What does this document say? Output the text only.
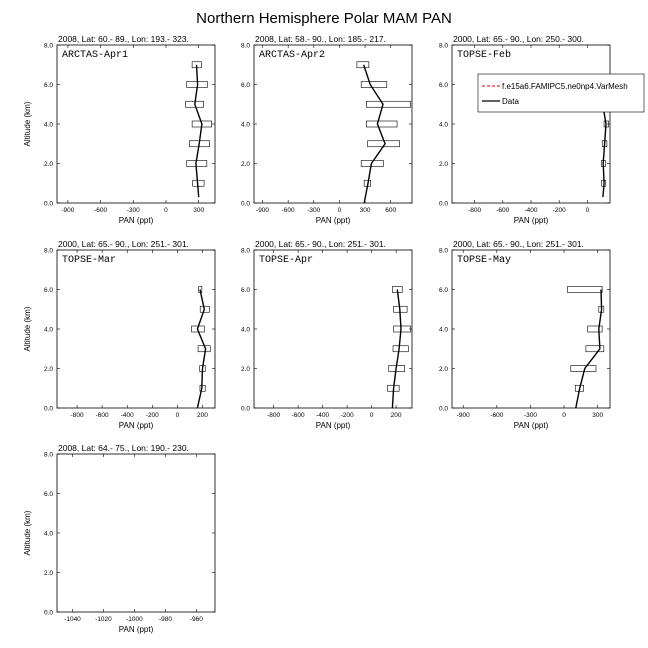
Northern Hemisphere Polar MAM PAN
2008, Lat: 60.- 89., Lon: 193.- 323.
0.0
2.0
4.0
6.0
8.0
-900	-600	-300	0	300
PAN (ppt)
Altitude (km)
ARCTAS-Apr1
2008, Lat: 58.- 90., Lon: 185.- 217.
0.0
2.0
4.0
6.0
8.0
-900 -600 -300	0	300 600
PAN (ppt)
ARCTAS-Apr2
2000, Lat: 65.- 90., Lon: 250.- 300.
0.0
2.0
4.0
6.0
8.0
-800 -600 -400 -200	0
PAN (ppt)
TOPSE-Feb
f.e15a6.FAMIPC5.ne0np4.VarMesh
Data
2000, Lat: 65.- 90., Lon: 251.- 301.
0.0
2.0
4.0
6.0
8.0
-800 -600 -400 -200	0	200
PAN (ppt)
Altitude (km)
TOPSE-Mar
2000, Lat: 65.- 90., Lon: 251.- 301.
0.0
2.0
4.0
6.0
8.0
-800 -600 -400 -200 0	200
PAN (ppt)
TOPSE-Apr
2000, Lat: 65.- 90., Lon: 251.- 301.
0.0
2.0
4.0
6.0
8.0
-900	-600	-300	0	300
PAN (ppt)
TOPSE-May
2008, Lat: 64.- 75., Lon: 190.- 230.
0.0
2.0
4.0
6.0
8.0
-1040 -1020 -1000 -980	-960
PAN (ppt)
Altitude (km)
